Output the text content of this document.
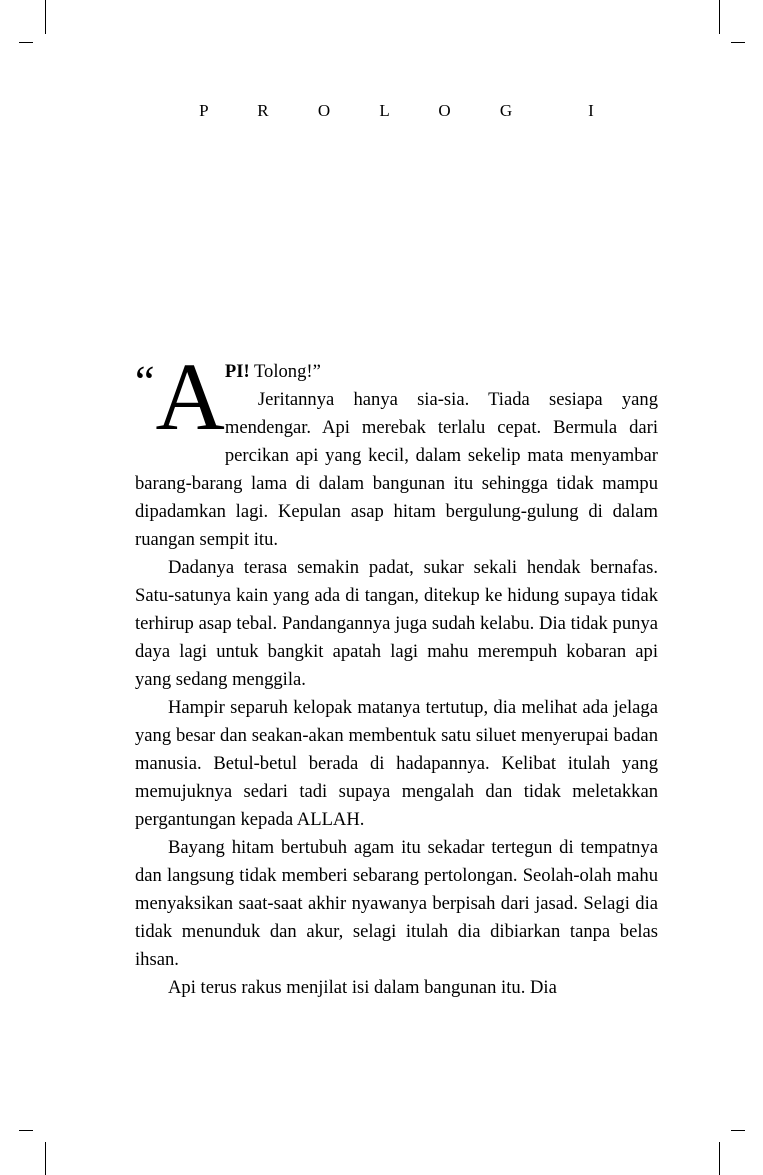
P R O L O G  I

“ A PI! Tolong!”
Jeritannya hanya sia-sia. Tiada sesiapa yang mendengar. Api merebak terlalu cepat. Bermula dari percikan api yang kecil, dalam sekelip mata menyambar barang-barang lama di dalam bangunan itu sehingga tidak mampu dipadamkan lagi. Kepulan asap hitam bergulung-gulung di dalam ruangan sempit itu.

Dadanya terasa semakin padat, sukar sekali hendak bernafas. Satu-satunya kain yang ada di tangan, ditekup ke hidung supaya tidak terhirup asap tebal. Pandangannya juga sudah kelabu. Dia tidak punya daya lagi untuk bangkit apatah lagi mahu merempuh kobaran api yang sedang menggila.

Hampir separuh kelopak matanya tertutup, dia melihat ada jelaga yang besar dan seakan-akan membentuk satu siluet menyerupai badan manusia. Betul-betul berada di hadapannya. Kelibat itulah yang memujuknya sedari tadi supaya mengalah dan tidak meletakkan pergantungan kepada ALLAH.

Bayang hitam bertubuh agam itu sekadar tertegun di tempatnya dan langsung tidak memberi sebarang pertolongan. Seolah-olah mahu menyaksikan saat-saat akhir nyawanya berpisah dari jasad. Selagi dia tidak menunduk dan akur, selagi itulah dia dibiarkan tanpa belas ihsan.

Api terus rakus menjilat isi dalam bangunan itu. Dia
